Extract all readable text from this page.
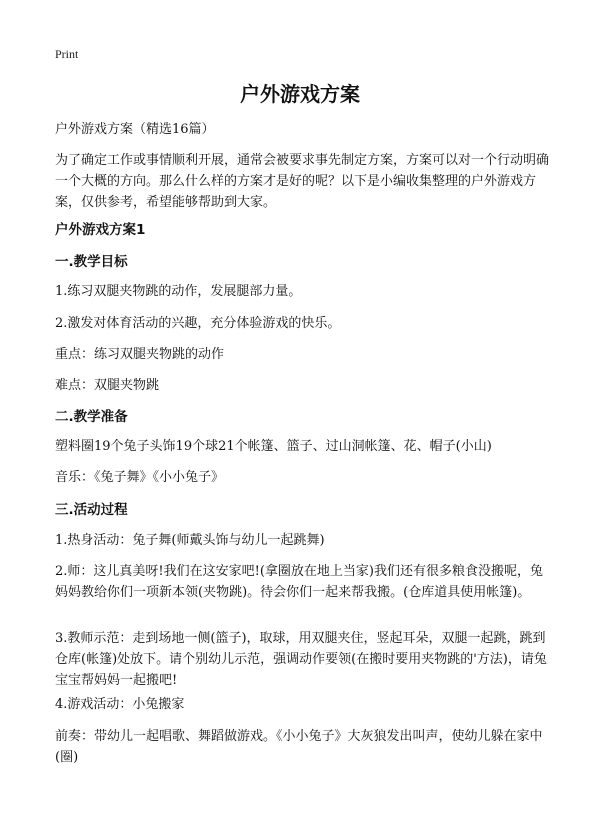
Print
户外游戏方案

户外游戏方案（精选16篇）

为了确定工作或事情顺利开展，通常会被要求事先制定方案，方案可以对一个行动明确一个大概的方向。那么什么样的方案才是好的呢？以下是小编收集整理的户外游戏方案，仅供参考，希望能够帮助到大家。

户外游戏方案1
一.教学目标

1.练习双腿夹物跳的动作，发展腿部力量。

2.激发对体育活动的兴趣，充分体验游戏的快乐。

重点：练习双腿夹物跳的动作

难点：双腿夹物跳

二.教学准备

塑料圈19个兔子头饰19个球21个帐篷、篮子、过山洞帐篷、花、帽子(小山)

音乐：《兔子舞》《小小兔子》

三.活动过程

1.热身活动：兔子舞(师戴头饰与幼儿一起跳舞)

2.师：这儿真美呀!我们在这安家吧!(拿圈放在地上当家)我们还有很多粮食没搬呢，兔妈妈教给你们一项新本领(夹物跳)。待会你们一起来帮我搬。(仓库道具使用帐篷)。

3.教师示范：走到场地一侧(篮子)，取球，用双腿夹住，竖起耳朵，双腿一起跳，跳到仓库(帐篷)处放下。请个别幼儿示范，强调动作要领(在搬时要用夹物跳的'方法)，请兔宝宝帮妈妈一起搬吧!

4.游戏活动：小兔搬家

前奏：带幼儿一起唱歌、舞蹈做游戏。《小小兔子》大灰狼发出叫声，使幼儿躲在家中(圈)
